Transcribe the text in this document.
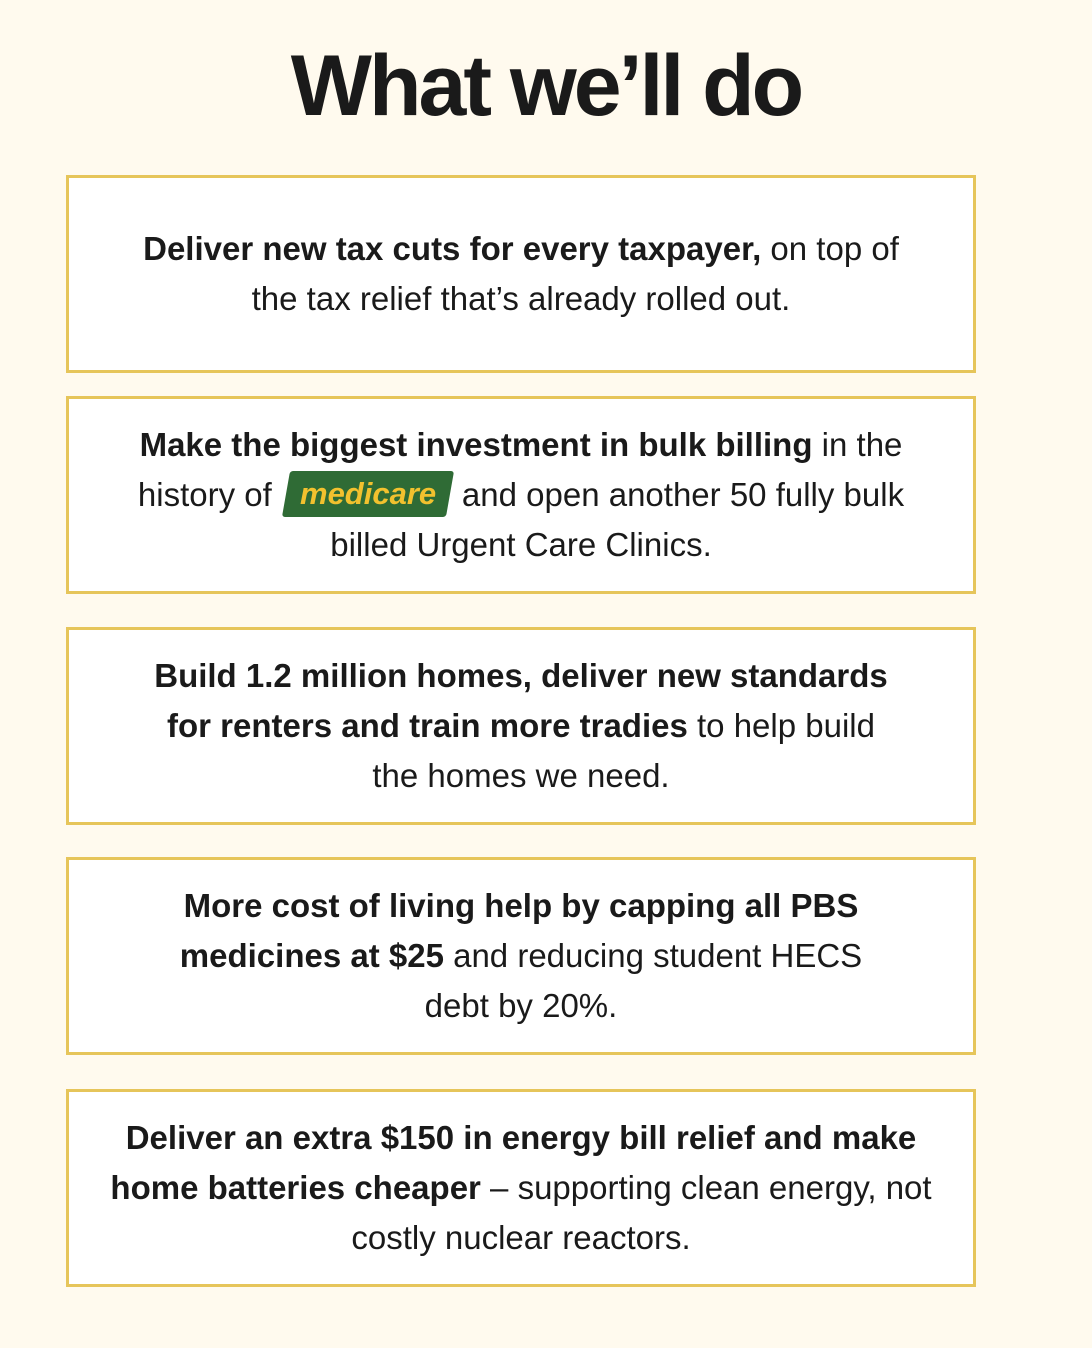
What we’ll do

Deliver new tax cuts for every taxpayer, on top of the tax relief that’s already rolled out.

Make the biggest investment in bulk billing in the history of medicare and open another 50 fully bulk billed Urgent Care Clinics.

Build 1.2 million homes, deliver new standards for renters and train more tradies to help build the homes we need.

More cost of living help by capping all PBS medicines at $25 and reducing student HECS debt by 20%.

Deliver an extra $150 in energy bill relief and make home batteries cheaper – supporting clean energy, not costly nuclear reactors.
